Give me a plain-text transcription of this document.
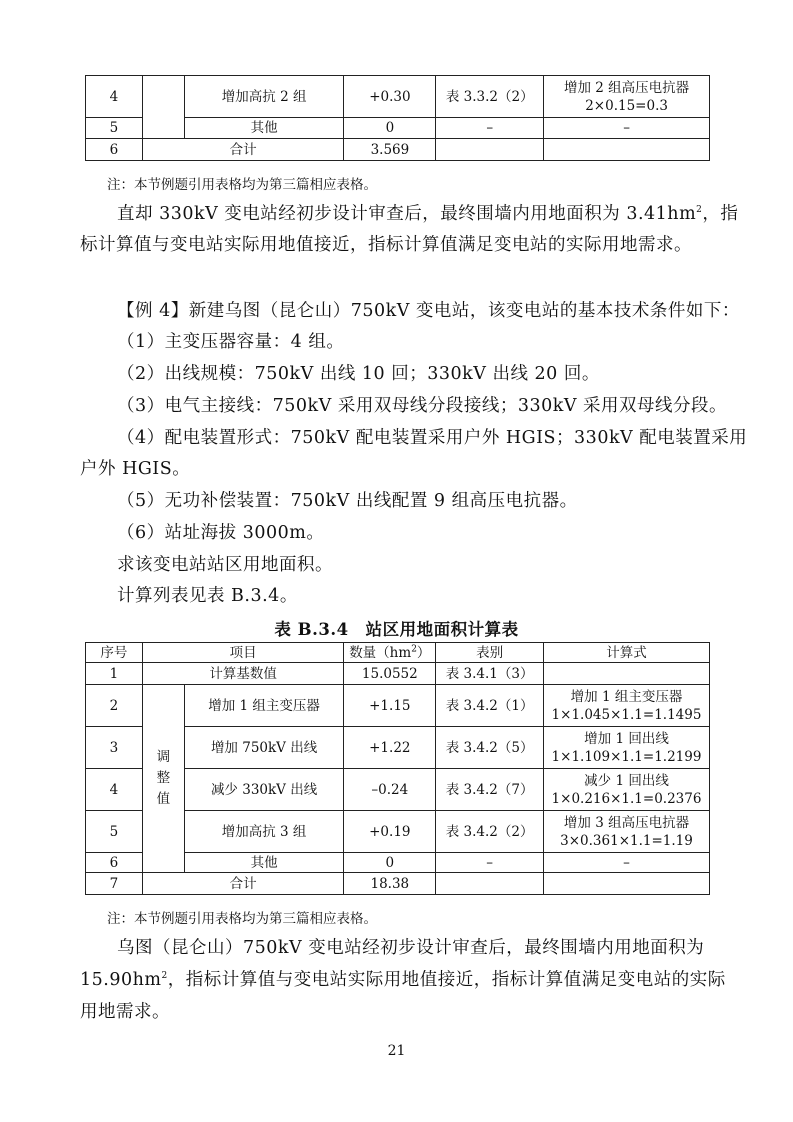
4		增加高抗 2 组	+0.30	表 3.3.2（2）	增加 2 组高压电抗器
2×0.15=0.3

5		其他	0	–	–
6	合计		3.569		
注：本节例题引用表格均为第三篇相应表格。
直却 330kV 变电站经初步设计审查后，最终围墙内用地面积为 $3.41hm^2$，指
标计算值与变电站实际用地值接近，指标计算值满足变电站的实际用地需求。
【例 4】新建乌图（昆仑山）750kV 变电站，该变电站的基本技术条件如下：
（1）主变压器容量：4 组。
（2）出线规模：750kV 出线 10 回；330kV 出线 20 回。
（3）电气主接线：750kV 采用双母线分段接线；330kV 采用双母线分段。
（4）配电装置形式：750kV 配电装置采用户外 HGIS；330kV 配电装置采用
户外 HGIS。
（5）无功补偿装置：750kV 出线配置 9 组高压电抗器。
（6）站址海拔 3000m。
求该变电站站区用地面积。
计算列表见表 B.3.4。
表 B.3.4　站区用地面积计算表
序号	项目		数量$(hm^2)$	表别	计算式
1	计算基数值		15.0552	表 3.4.1（3）	
2	调整值	增加 1 组主变压器	+1.15	表 3.4.2（1）	增加 1 组主变压器
1×1.045×1.1=1.1495

3		增加 750kV 出线	+1.22	表 3.4.2（5）	增加 1 回出线
1×1.109×1.1=1.2199

4		减少 330kV 出线	–0.24	表 3.4.2（7）	减少 1 回出线
1×0.216×1.1=0.2376

5		增加高抗 3 组	+0.19	表 3.4.2（2）	增加 3 组高压电抗器
3×0.361×1.1=1.19

6		其他	0	–	–
7	合计		18.38		
注：本节例题引用表格均为第三篇相应表格。
乌图（昆仑山）750kV 变电站经初步设计审查后，最终围墙内用地面积为
$15.90hm^2$，指标计算值与变电站实际用地值接近，指标计算值满足变电站的实际
用地需求。
21
